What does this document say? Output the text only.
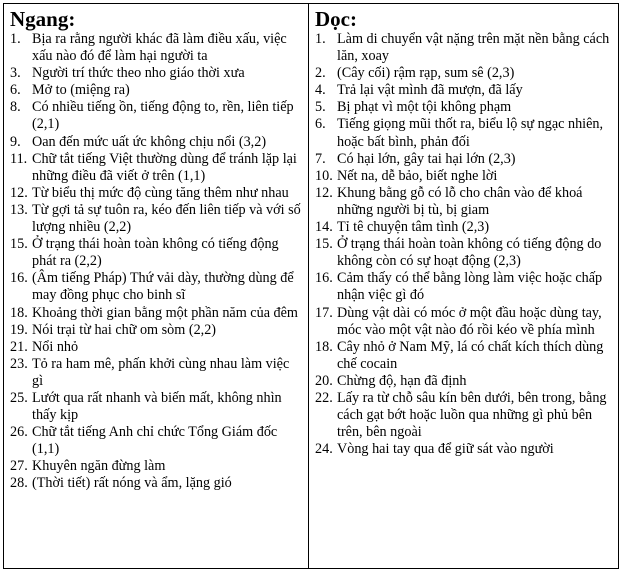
Ngang:
1. Bịa ra rằng người khác đã làm điều xấu, việc xấu nào đó để làm hại người ta
3. Người trí thức theo nho giáo thời xưa
6. Mở to (miệng ra)
8. Có nhiều tiếng ồn, tiếng động to, rền, liên tiếp (2,1)
9. Oan đến mức uất ức không chịu nổi (3,2)
11. Chữ tắt tiếng Việt thường dùng để tránh lặp lại những điều đã viết ở trên (1,1)
12. Từ biểu thị mức độ cùng tăng thêm như nhau
13. Từ gợi tả sự tuôn ra, kéo đến liên tiếp và với số lượng nhiều (2,2)
15. Ở trạng thái hoàn toàn không có tiếng động phát ra (2,2)
16. (Âm tiếng Pháp) Thứ vải dày, thường dùng để may đồng phục cho binh sĩ
18. Khoảng thời gian bằng một phần năm của đêm
19. Nói trại từ hai chữ om sòm (2,2)
21. Nổi nhỏ
23. Tỏ ra ham mê, phấn khởi cùng nhau làm việc gì
25. Lướt qua rất nhanh và biến mất, không nhìn thấy kịp
26. Chữ tắt tiếng Anh chỉ chức Tổng Giám đốc (1,1)
27. Khuyên ngăn đừng làm
28. (Thời tiết) rất nóng và ẩm, lặng gió
Dọc:
1. Làm di chuyển vật nặng trên mặt nền bằng cách lăn, xoay
2. (Cây cối) rậm rạp, sum sê (2,3)
4. Trả lại vật mình đã mượn, đã lấy
5. Bị phạt vì một tội không phạm
6. Tiếng giọng mũi thốt ra, biểu lộ sự ngạc nhiên, hoặc bất bình, phản đối
7. Có hại lớn, gây tai hại lớn (2,3)
10. Nết na, dễ bảo, biết nghe lời
12. Khung bằng gỗ có lỗ cho chân vào để khoá những người bị tù, bị giam
14. Tỉ tê chuyện tâm tình (2,3)
15. Ở trạng thái hoàn toàn không có tiếng động do không còn có sự hoạt động (2,3)
16. Cảm thấy có thể bằng lòng làm việc hoặc chấp nhận việc gì đó
17. Dùng vật dài có móc ở một đầu hoặc dùng tay, móc vào một vật nào đó rồi kéo về phía mình
18. Cây nhỏ ở Nam Mỹ, lá có chất kích thích dùng chế cocain
20. Chừng độ, hạn đã định
22. Lấy ra từ chỗ sâu kín bên dưới, bên trong, bằng cách gạt bớt hoặc luồn qua những gì phủ bên trên, bên ngoài
24. Vòng hai tay qua để giữ sát vào người
